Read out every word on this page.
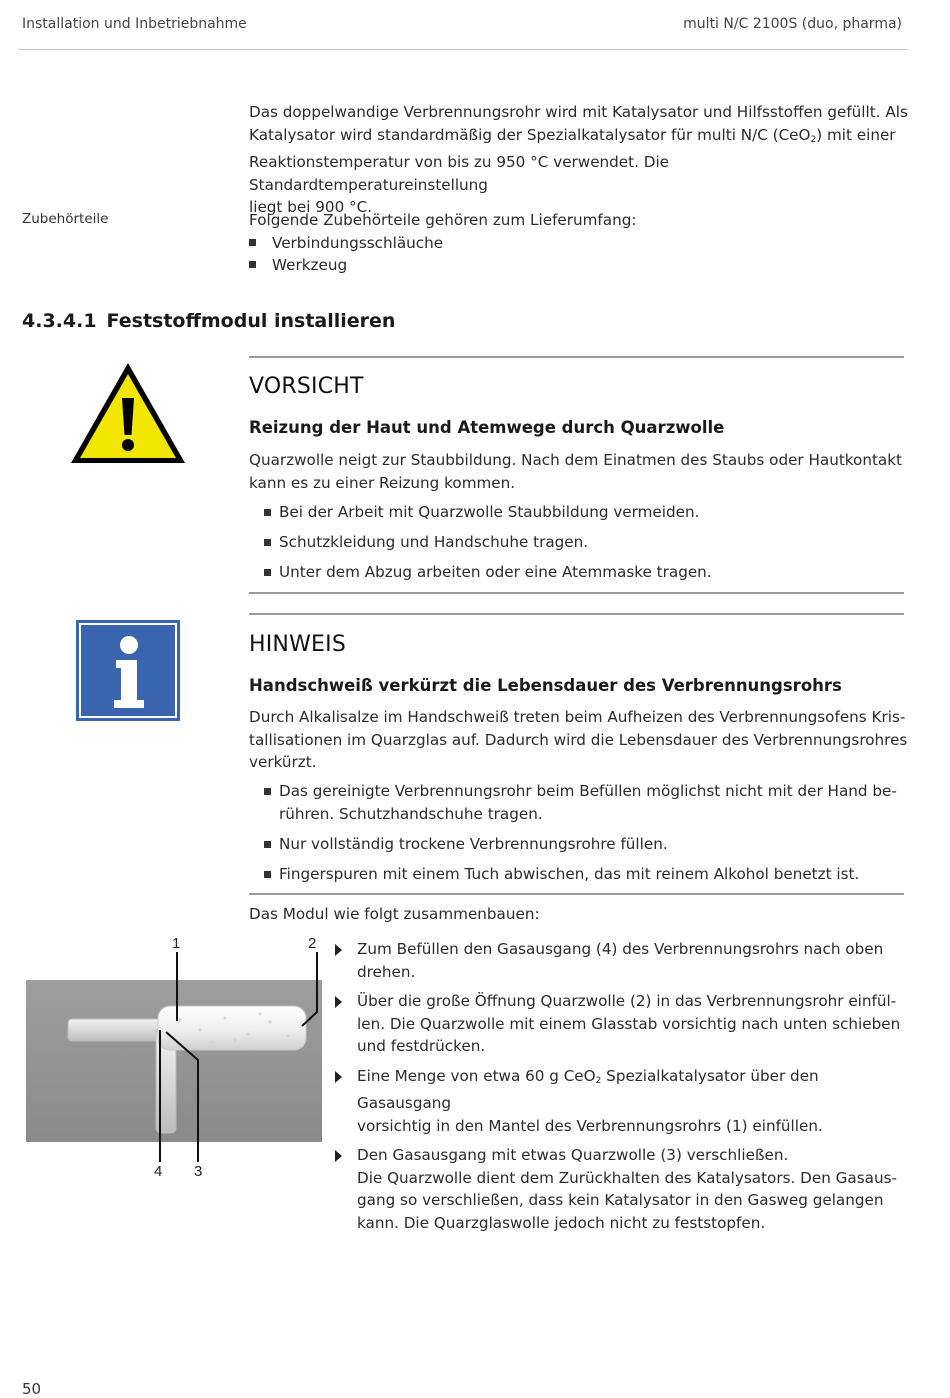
Installation und Inbetriebnahme	multi N/C 2100S (duo, pharma)
Das doppelwandige Verbrennungsrohr wird mit Katalysator und Hilfsstoffen gefüllt. Als
Katalysator wird standardmäßig der Spezialkatalysator für multi N/C (CeO$_2$) mit einer
Reaktionstemperatur von bis zu 950 °C verwendet. Die Standardtemperatureinstellung
liegt bei 900 °C.
Zubehörteile	Folgende Zubehörteile gehören zum Lieferumfang:
Verbindungsschläuche
Werkzeug
4.3.4.1 Feststoffmodul installieren
VORSICHT
Reizung der Haut und Atemwege durch Quarzwolle
Quarzwolle neigt zur Staubbildung. Nach dem Einatmen des Staubs oder Hautkontakt
kann es zu einer Reizung kommen.
Bei der Arbeit mit Quarzwolle Staubbildung vermeiden.
Schutzkleidung und Handschuhe tragen.
Unter dem Abzug arbeiten oder eine Atemmaske tragen.
HINWEIS
Handschweiß verkürzt die Lebensdauer des Verbrennungsrohrs
Durch Alkalisalze im Handschweiß treten beim Aufheizen des Verbrennungsofens Kris-
tallisationen im Quarzglas auf. Dadurch wird die Lebensdauer des Verbrennungsrohres
verkürzt.
Das gereinigte Verbrennungsrohr beim Befüllen möglichst nicht mit der Hand be-
rühren. Schutzhandschuhe tragen.
Nur vollständig trockene Verbrennungsrohre füllen.
Fingerspuren mit einem Tuch abwischen, das mit reinem Alkohol benetzt ist.
Das Modul wie folgt zusammenbauen:
1	2
4 3
Zum Befüllen den Gasausgang (4) des Verbrennungsrohrs nach oben
drehen.
Über die große Öffnung Quarzwolle (2) in das Verbrennungsrohr einfül-
len. Die Quarzwolle mit einem Glasstab vorsichtig nach unten schieben
und festdrücken.
Eine Menge von etwa 60 g CeO$_2$ Spezialkatalysator über den Gasausgang
vorsichtig in den Mantel des Verbrennungsrohrs (1) einfüllen.
Den Gasausgang mit etwas Quarzwolle (3) verschließen.
Die Quarzwolle dient dem Zurückhalten des Katalysators. Den Gasaus-
gang so verschließen, dass kein Katalysator in den Gasweg gelangen
kann. Die Quarzglaswolle jedoch nicht zu feststopfen.
50
